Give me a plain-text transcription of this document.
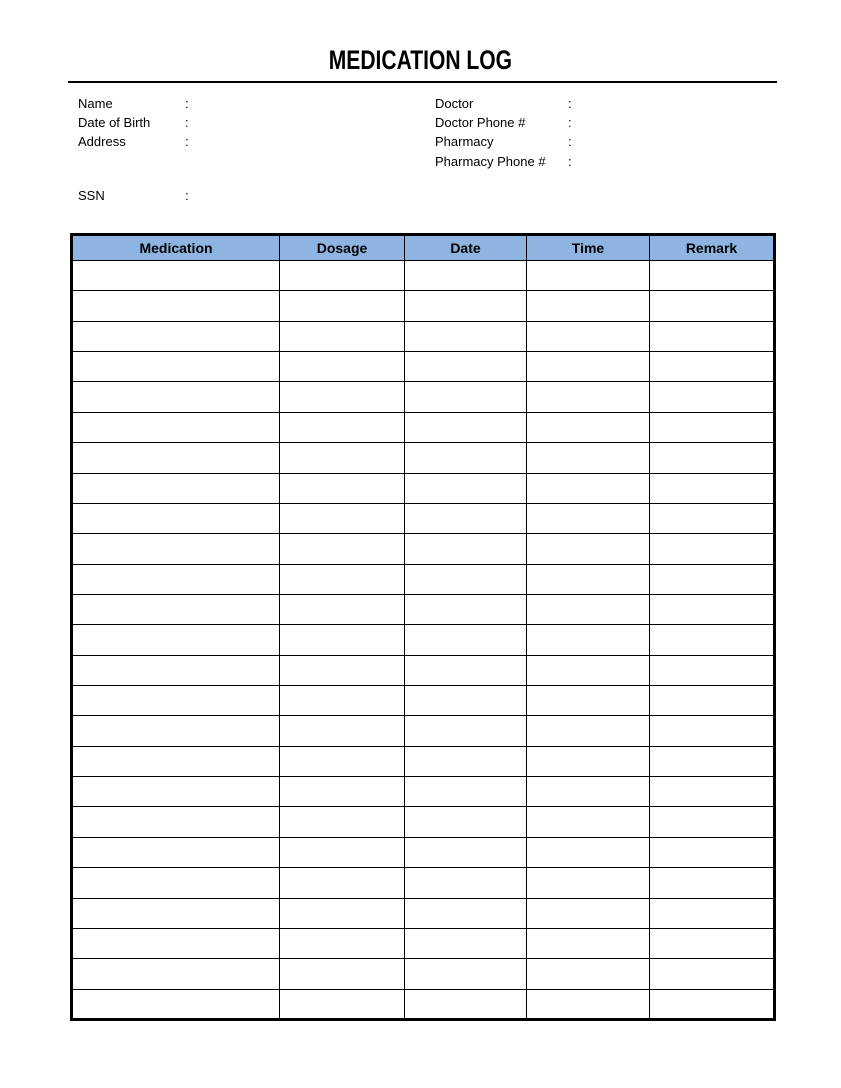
MEDICATION LOG
Name	:
Date of Birth	:
Address	:
SSN	:
Doctor	:
Doctor Phone #	:
Pharmacy	:
Pharmacy Phone #	:
Medication	Dosage	Date	Time	Remark
